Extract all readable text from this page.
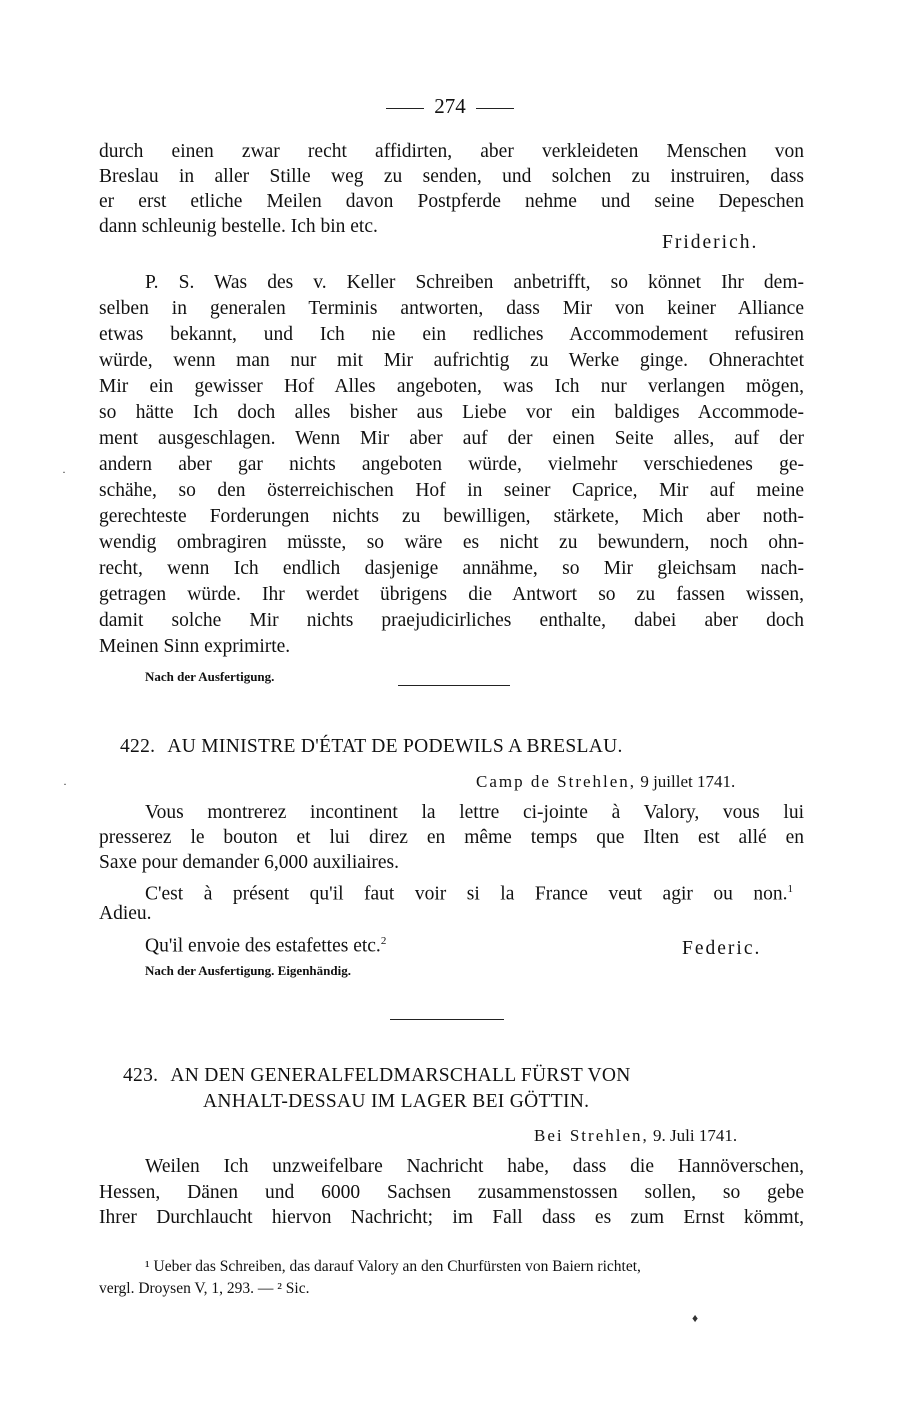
274
durch einen zwar recht affidirten, aber verkleideten Menschen von
Breslau in aller Stille weg zu senden, und solchen zu instruiren, dass
er erst etliche Meilen davon Postpferde nehme und seine Depeschen
dann schleunig bestelle. Ich bin etc.
Friderich.
P. S. Was des v. Keller Schreiben anbetrifft, so könnet Ihr dem-
selben in generalen Terminis antworten, dass Mir von keiner Alliance
etwas bekannt, und Ich nie ein redliches Accommodement refusiren
würde, wenn man nur mit Mir aufrichtig zu Werke ginge. Ohnerachtet
Mir ein gewisser Hof Alles angeboten, was Ich nur verlangen mögen,
so hätte Ich doch alles bisher aus Liebe vor ein baldiges Accommode-
ment ausgeschlagen. Wenn Mir aber auf der einen Seite alles, auf der
andern aber gar nichts angeboten würde, vielmehr verschiedenes ge-
schähe, so den österreichischen Hof in seiner Caprice, Mir auf meine
gerechteste Forderungen nichts zu bewilligen, stärkete, Mich aber noth-
wendig ombragiren müsste, so wäre es nicht zu bewundern, noch ohn-
recht, wenn Ich endlich dasjenige annähme, so Mir gleichsam nach-
getragen würde. Ihr werdet übrigens die Antwort so zu fassen wissen,
damit solche Mir nichts praejudicirliches enthalte, dabei aber doch
Meinen Sinn exprimirte.
Nach der Ausfertigung.
422. AU MINISTRE D'ÉTAT DE PODEWILS A BRESLAU.
Camp de Strehlen, 9 juillet 1741.
Vous montrerez incontinent la lettre ci-jointe à Valory, vous lui
presserez le bouton et lui direz en même temps que Ilten est allé en
Saxe pour demander 6,000 auxiliaires.
C'est à présent qu'il faut voir si la France veut agir ou non.$^1$
Adieu.
Qu'il envoie des estafettes etc.$^2$	Federic.
Nach der Ausfertigung. Eigenhändig.
423. AN DEN GENERALFELDMARSCHALL FÜRST VON
ANHALT-DESSAU IM LAGER BEI GÖTTIN.
Bei Strehlen, 9. Juli 1741.
Weilen Ich unzweifelbare Nachricht habe, dass die Hannöverschen,
Hessen, Dänen und 6000 Sachsen zusammenstossen sollen, so gebe
Ihrer Durchlaucht hiervon Nachricht; im Fall dass es zum Ernst kömmt,
¹ Ueber das Schreiben, das darauf Valory an den Churfürsten von Baiern richtet,
vergl. Droysen V, 1, 293. — ² Sic.
·
·
♦
